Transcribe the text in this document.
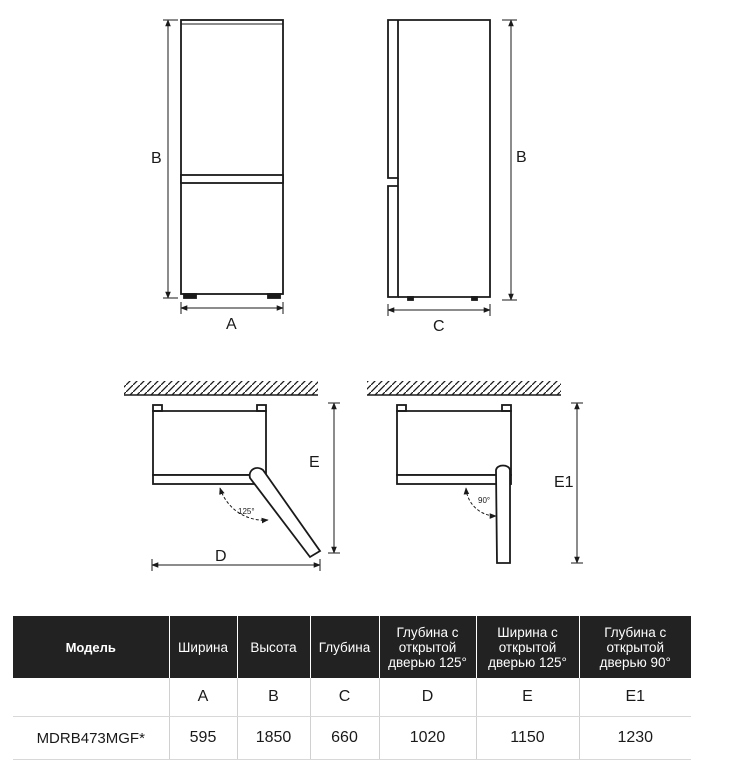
B
A
B
C
125°
E
D
90°
E1
Модель	Ширина	Высота	Глубина	Глубина с
открытой
дверью 125°	Ширина с
открытой
дверью 125°	Глубина с
открытой
дверью 90°
	A	B	C	D	E	E1
MDRB473MGF*	595	1850	660	1020	1150	1230
